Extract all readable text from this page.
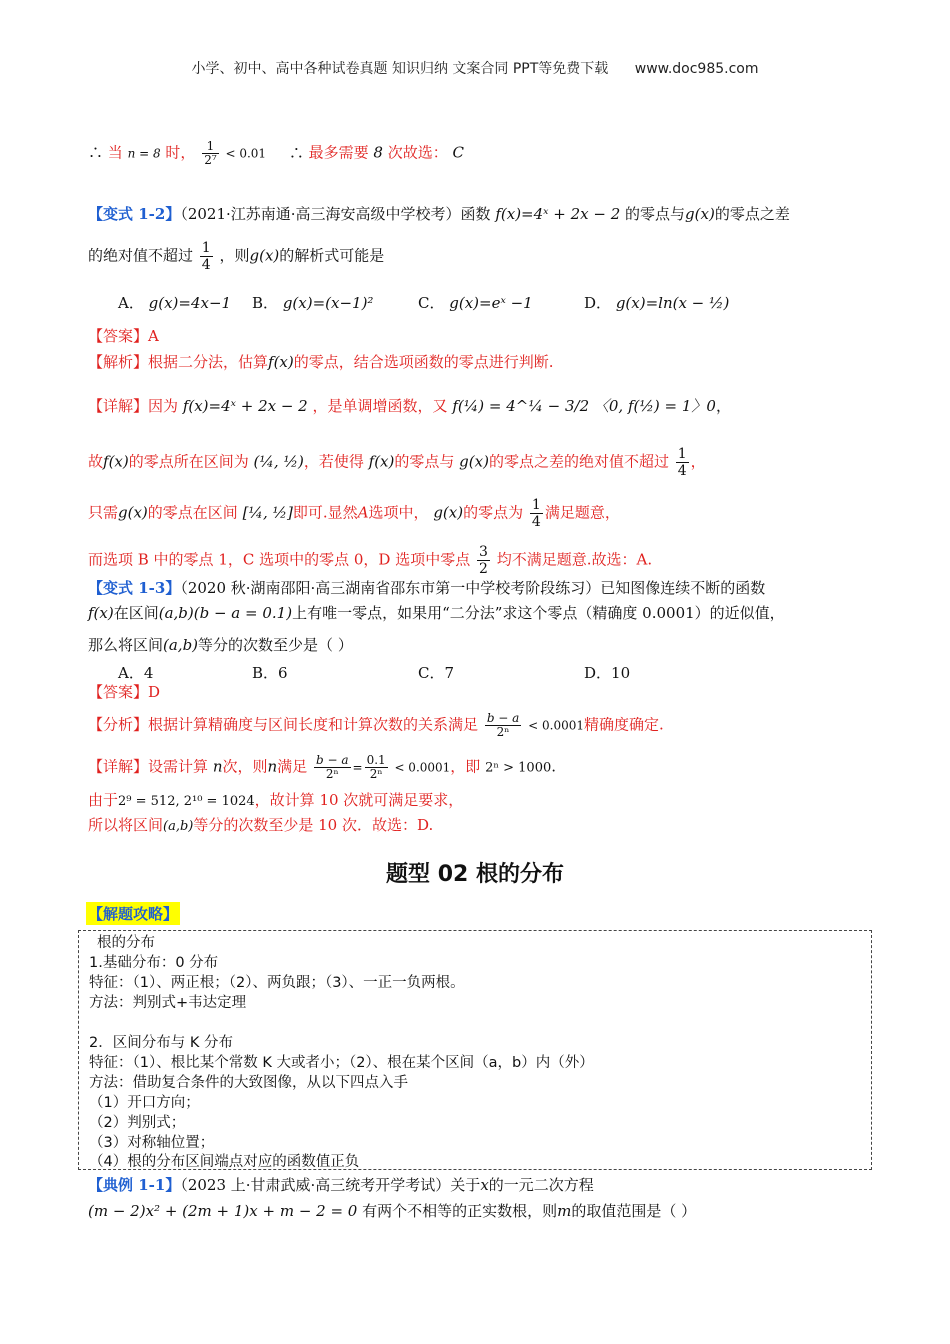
小学、初中、高中各种试卷真题 知识归纳 文案合同 PPT等免费下载 www.doc985.com
∴ 当 n = 8 时， $\frac{1}{\text{2⁷}} < 0.01$ ∴ 最多需要 8 次故选： C
【变式 1-2】（2021·江苏南通·高三海安高级中学校考）函数 f(x)=4ˣ + 2x − 2 的零点与g(x)的零点之差
的绝对值不超过 $\frac{1}{4}$ ，则g(x)的解析式可能是
A． g(x)=4x−1 B． g(x)=(x−1)²	C． g(x)=eˣ −1	D． g(x)=ln(x − ½)
【答案】A
【解析】根据二分法，估算f(x)的零点，结合选项函数的零点进行判断.
【详解】因为 f(x)=4ˣ + 2x − 2 ，是单调增函数，又 f(¼) = 4^¼ − 3/2 〈0, f(½) = 1〉0，
故f(x)的零点所在区间为 (¼, ½)，若使得 f(x)的零点与 g(x)的零点之差的绝对值不超过 $\frac{1}{4}$ ，
只需g(x)的零点在区间 [¼, ½]即可.显然A选项中， g(x)的零点为 $\frac{1}{4}$ 满足题意，
而选项 B 中的零点 1，C 选项中的零点 0，D 选项中零点 $\frac{3}{2}$ 均不满足题意.故选：A.
【变式 1-3】（2020 秋·湖南邵阳·高三湖南省邵东市第一中学校考阶段练习）已知图像连续不断的函数
f(x)在区间(a,b)(b − a = 0.1)上有唯一零点，如果用“二分法”求这个零点（精确度 0.0001）的近似值，
那么将区间(a,b)等分的次数至少是（ ）
A．4	B．6	C．7	D．10
【答案】D
【分析】根据计算精确度与区间长度和计算次数的关系满足 $\frac{b - a}{\text{2ⁿ}} < 0.0001$精确度确定.
【详解】设需计算 n次，则n满足 $\frac{b - a}{\text{2ⁿ}} = \frac{0.1}{\text{2ⁿ}} < 0.0001$，即 2ⁿ > 1000.
由于2⁹ = 512, 2¹⁰ = 1024，故计算 10 次就可满足要求，
所以将区间(a,b)等分的次数至少是 10 次．故选：D.
题型 02 根的分布
【解题攻略】
根的分布
1.基础分布：0 分布
特征：（1）、两正根；（2）、两负跟；（3）、一正一负两根。
方法：判别式+韦达定理
2．区间分布与 K 分布
特征：（1）、根比某个常数 K 大或者小；（2）、根在某个区间（a，b）内（外）
方法：借助复合条件的大致图像，从以下四点入手
（1）开口方向；
（2）判别式；
（3）对称轴位置；
（4）根的分布区间端点对应的函数值正负
【典例 1-1】（2023 上·甘肃武威·高三统考开学考试）关于x的一元二次方程
(m − 2)x² + (2m + 1)x + m − 2 = 0 有两个不相等的正实数根，则m的取值范围是（ ）
